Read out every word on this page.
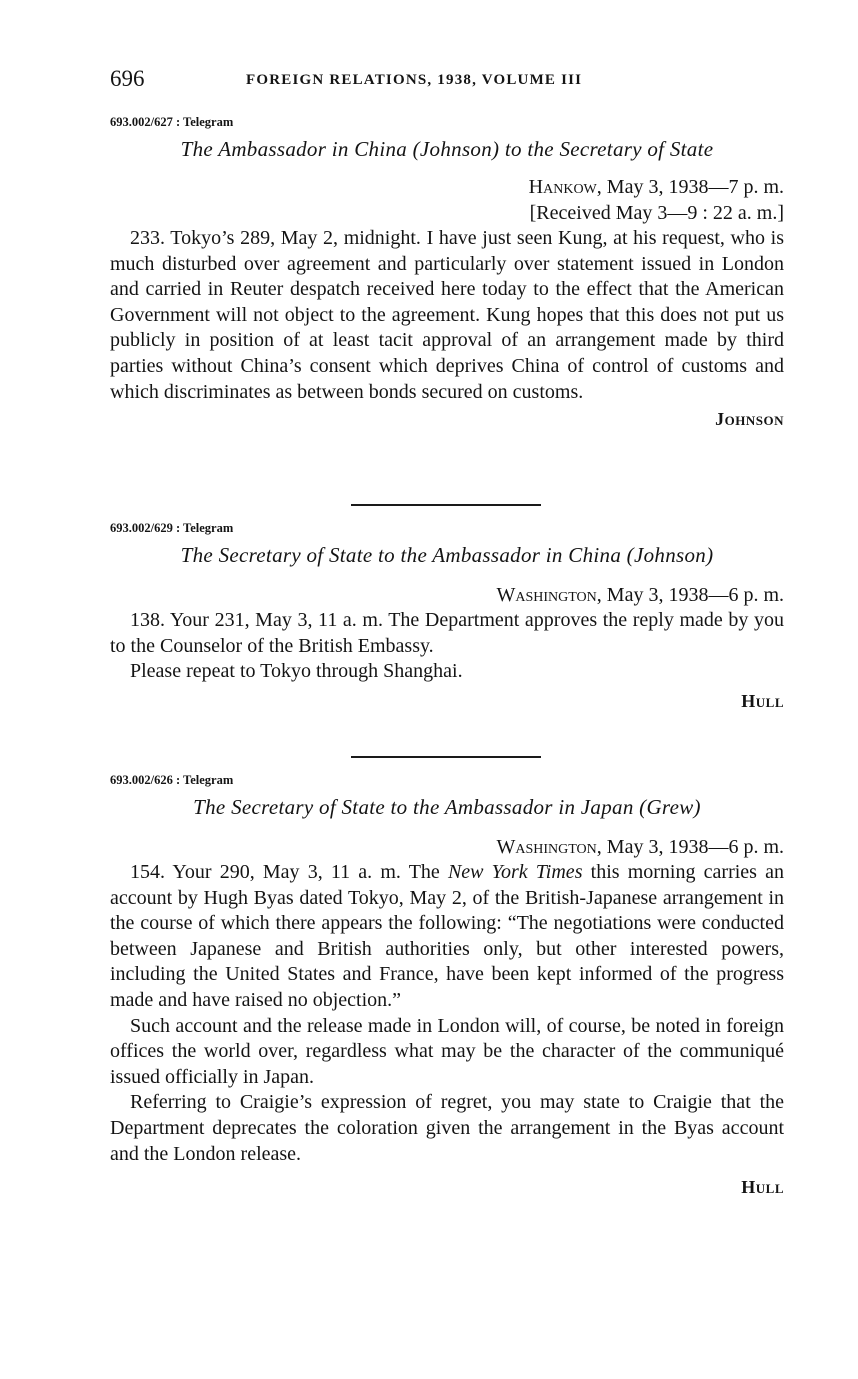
696	FOREIGN RELATIONS, 1938, VOLUME III

693.002/627 : Telegram

The Ambassador in China (Johnson) to the Secretary of State

Hankow, May 3, 1938—7 p. m.

[Received May 3—9 : 22 a. m.]

233. Tokyo’s 289, May 2, midnight. I have just seen Kung, at his request, who is much disturbed over agreement and particularly over statement issued in London and carried in Reuter despatch received here today to the effect that the American Government will not object to the agreement. Kung hopes that this does not put us publicly in position of at least tacit approval of an arrangement made by third parties without China’s consent which deprives China of control of customs and which discriminates as between bonds secured on customs.

Johnson

693.002/629 : Telegram

The Secretary of State to the Ambassador in China (Johnson)

Washington, May 3, 1938—6 p. m.

138. Your 231, May 3, 11 a. m. The Department approves the reply made by you to the Counselor of the British Embassy.

Please repeat to Tokyo through Shanghai.

Hull

693.002/626 : Telegram

The Secretary of State to the Ambassador in Japan (Grew)

Washington, May 3, 1938—6 p. m.

154. Your 290, May 3, 11 a. m. The New York Times this morning carries an account by Hugh Byas dated Tokyo, May 2, of the British-Japanese arrangement in the course of which there appears the following: “The negotiations were conducted between Japanese and British authorities only, but other interested powers, including the United States and France, have been kept informed of the progress made and have raised no objection.”

Such account and the release made in London will, of course, be noted in foreign offices the world over, regardless what may be the character of the communiqué issued officially in Japan.

Referring to Craigie’s expression of regret, you may state to Craigie that the Department deprecates the coloration given the arrangement in the Byas account and the London release.

Hull
